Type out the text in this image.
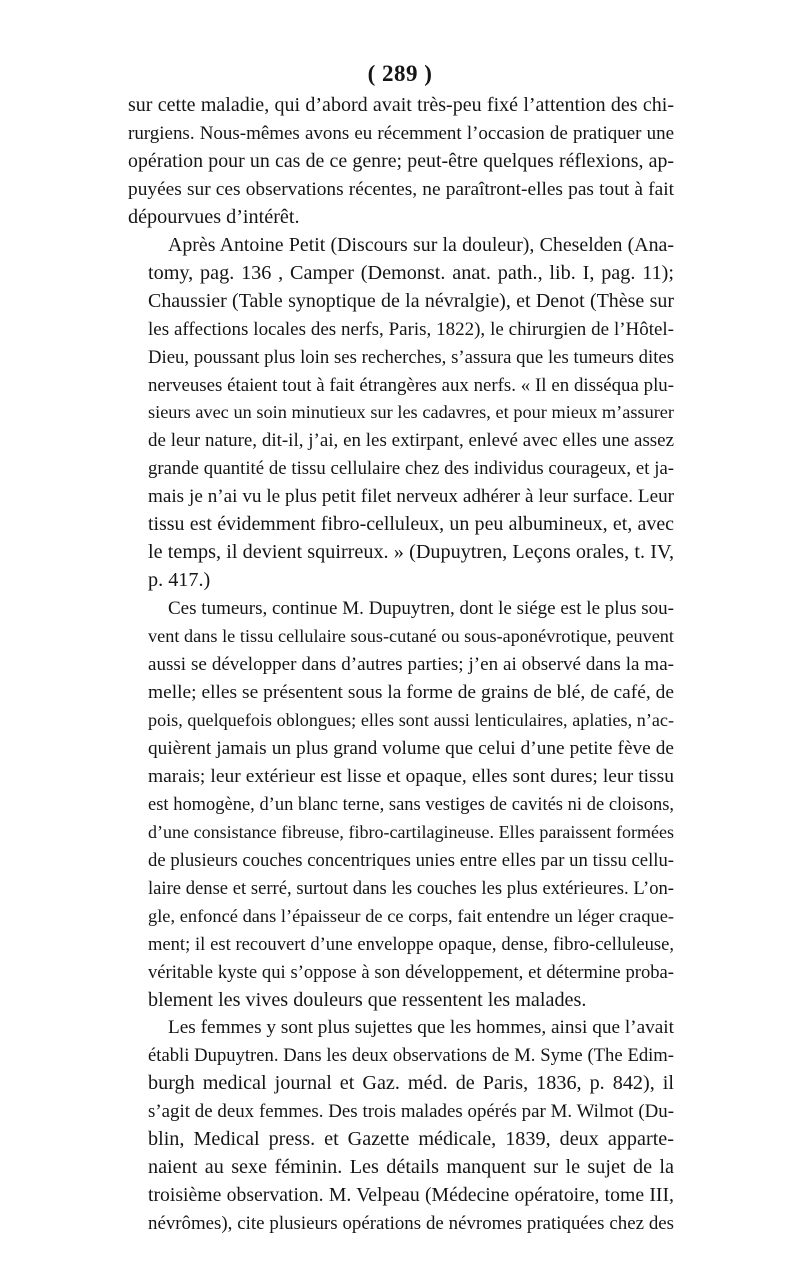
( 289 )

sur cette maladie, qui d’abord avait très-peu fixé l’attention des chi-
rurgiens. Nous-mêmes avons eu récemment l’occasion de pratiquer une
opération pour un cas de ce genre; peut-être quelques réflexions, ap-
puyées sur ces observations récentes, ne paraîtront-elles pas tout à fait
dépourvues d’intérêt.

Après Antoine Petit (Discours sur la douleur), Cheselden (Ana-
tomy, pag. 136 , Camper (Demonst. anat. path., lib. I, pag. 11);
Chaussier (Table synoptique de la névralgie), et Denot (Thèse sur
les affections locales des nerfs, Paris, 1822), le chirurgien de l’Hôtel-
Dieu, poussant plus loin ses recherches, s’assura que les tumeurs dites
nerveuses étaient tout à fait étrangères aux nerfs. « Il en disséqua plu-
sieurs avec un soin minutieux sur les cadavres, et pour mieux m’assurer
de leur nature, dit-il, j’ai, en les extirpant, enlevé avec elles une assez
grande quantité de tissu cellulaire chez des individus courageux, et ja-
mais je n’ai vu le plus petit filet nerveux adhérer à leur surface. Leur
tissu est évidemment fibro-celluleux, un peu albumineux, et, avec
le temps, il devient squirreux. » (Dupuytren, Leçons orales, t. IV,
p. 417.)

Ces tumeurs, continue M. Dupuytren, dont le siége est le plus sou-
vent dans le tissu cellulaire sous-cutané ou sous-aponévrotique, peuvent
aussi se développer dans d’autres parties; j’en ai observé dans la ma-
melle; elles se présentent sous la forme de grains de blé, de café, de
pois, quelquefois oblongues; elles sont aussi lenticulaires, aplaties, n’ac-
quièrent jamais un plus grand volume que celui d’une petite fève de
marais; leur extérieur est lisse et opaque, elles sont dures; leur tissu
est homogène, d’un blanc terne, sans vestiges de cavités ni de cloisons,
d’une consistance fibreuse, fibro-cartilagineuse. Elles paraissent formées
de plusieurs couches concentriques unies entre elles par un tissu cellu-
laire dense et serré, surtout dans les couches les plus extérieures. L’on-
gle, enfoncé dans l’épaisseur de ce corps, fait entendre un léger craque-
ment; il est recouvert d’une enveloppe opaque, dense, fibro-celluleuse,
véritable kyste qui s’oppose à son développement, et détermine proba-
blement les vives douleurs que ressentent les malades.

Les femmes y sont plus sujettes que les hommes, ainsi que l’avait
établi Dupuytren. Dans les deux observations de M. Syme (The Edim-
burgh medical journal et Gaz. méd. de Paris, 1836, p. 842), il
s’agit de deux femmes. Des trois malades opérés par M. Wilmot (Du-
blin, Medical press. et Gazette médicale, 1839, deux apparte-
naient au sexe féminin. Les détails manquent sur le sujet de la
troisième observation. M. Velpeau (Médecine opératoire, tome III,
névrômes), cite plusieurs opérations de névromes pratiquées chez des
